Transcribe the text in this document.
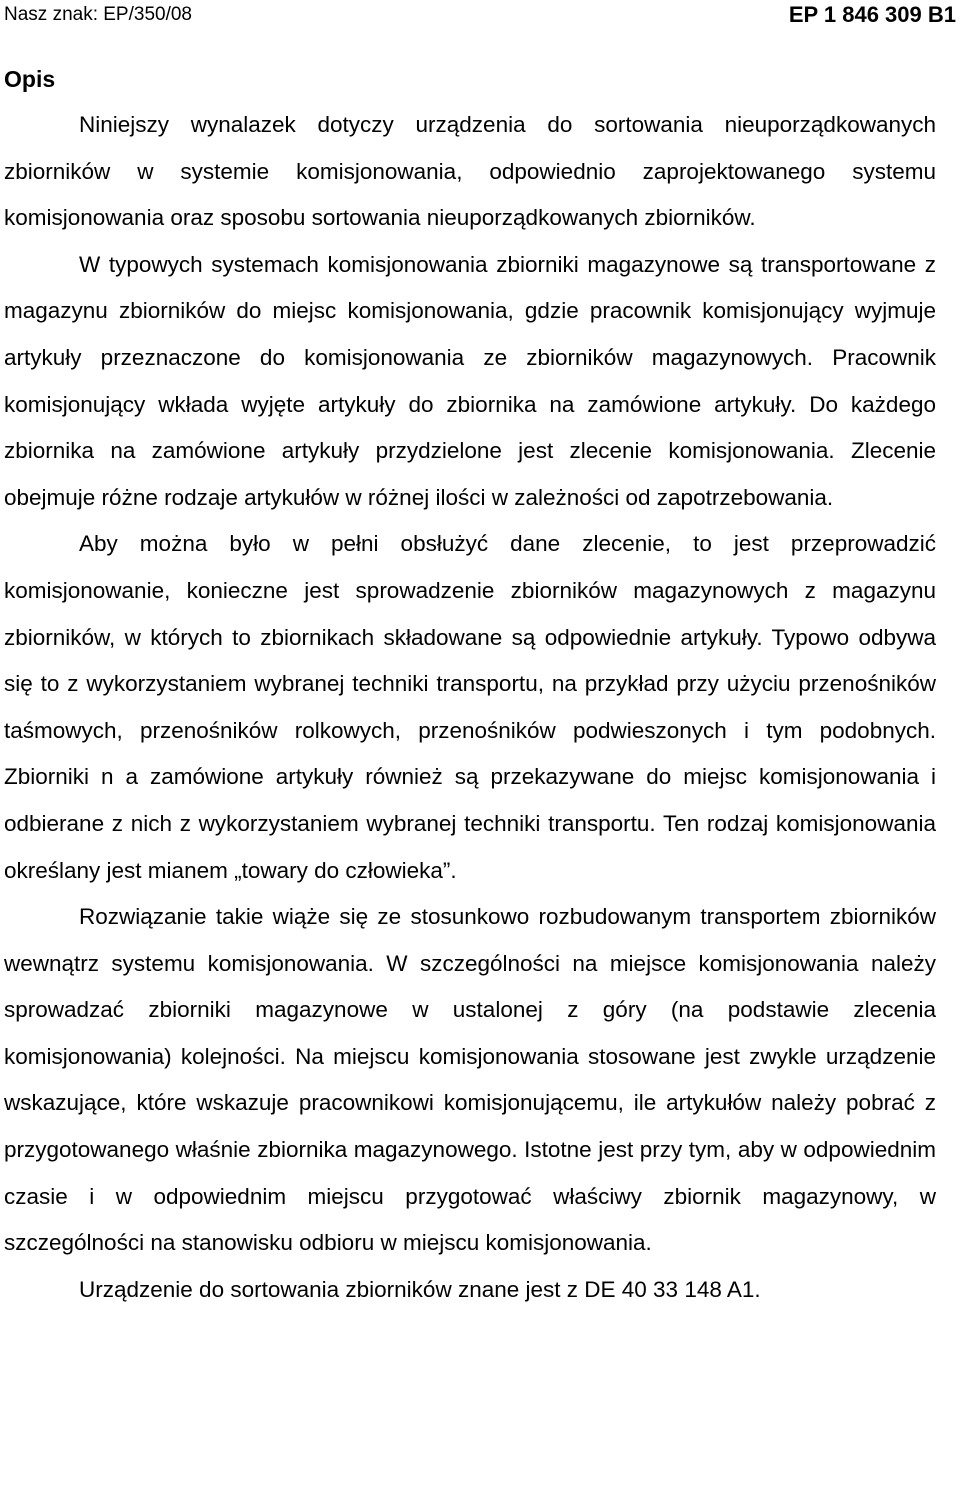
Nasz znak: EP/350/08	EP 1 846 309 B1
Opis

Niniejszy wynalazek dotyczy urządzenia do sortowania nieuporządkowanych zbiorników w systemie komisjonowania, odpowiednio zaprojektowanego systemu komisjonowania oraz sposobu sortowania nieuporządkowanych zbiorników.

W typowych systemach komisjonowania zbiorniki magazynowe są transportowane z magazynu zbiorników do miejsc komisjonowania, gdzie pracownik komisjonujący wyjmuje artykuły przeznaczone do komisjonowania ze zbiorników magazynowych. Pracownik komisjonujący wkłada wyjęte artykuły do zbiornika na zamówione artykuły. Do każdego zbiornika na zamówione artykuły przydzielone jest zlecenie komisjonowania. Zlecenie obejmuje różne rodzaje artykułów w różnej ilości w zależności od zapotrzebowania.

Aby można było w pełni obsłużyć dane zlecenie, to jest przeprowadzić komisjonowanie, konieczne jest sprowadzenie zbiorników magazynowych z magazynu zbiorników, w których to zbiornikach składowane są odpowiednie artykuły. Typowo odbywa się to z wykorzystaniem wybranej techniki transportu, na przykład przy użyciu przenośników taśmowych, przenośników rolkowych, przenośników podwieszonych i tym podobnych. Zbiorniki n a zamówione artykuły również są przekazywane do miejsc komisjonowania i odbierane z nich z wykorzystaniem wybranej techniki transportu. Ten rodzaj komisjonowania określany jest mianem „towary do człowieka”.

Rozwiązanie takie wiąże się ze stosunkowo rozbudowanym transportem zbiorników wewnątrz systemu komisjonowania. W szczególności na miejsce komisjonowania należy sprowadzać zbiorniki magazynowe w ustalonej z góry (na podstawie zlecenia komisjonowania) kolejności. Na miejscu komisjonowania stosowane jest zwykle urządzenie wskazujące, które wskazuje pracownikowi komisjonującemu, ile artykułów należy pobrać z przygotowanego właśnie zbiornika magazynowego. Istotne jest przy tym, aby w odpowiednim czasie i w odpowiednim miejscu przygotować właściwy zbiornik magazynowy, w szczególności na stanowisku odbioru w miejscu komisjonowania.

Urządzenie do sortowania zbiorników znane jest z DE 40 33 148 A1.
